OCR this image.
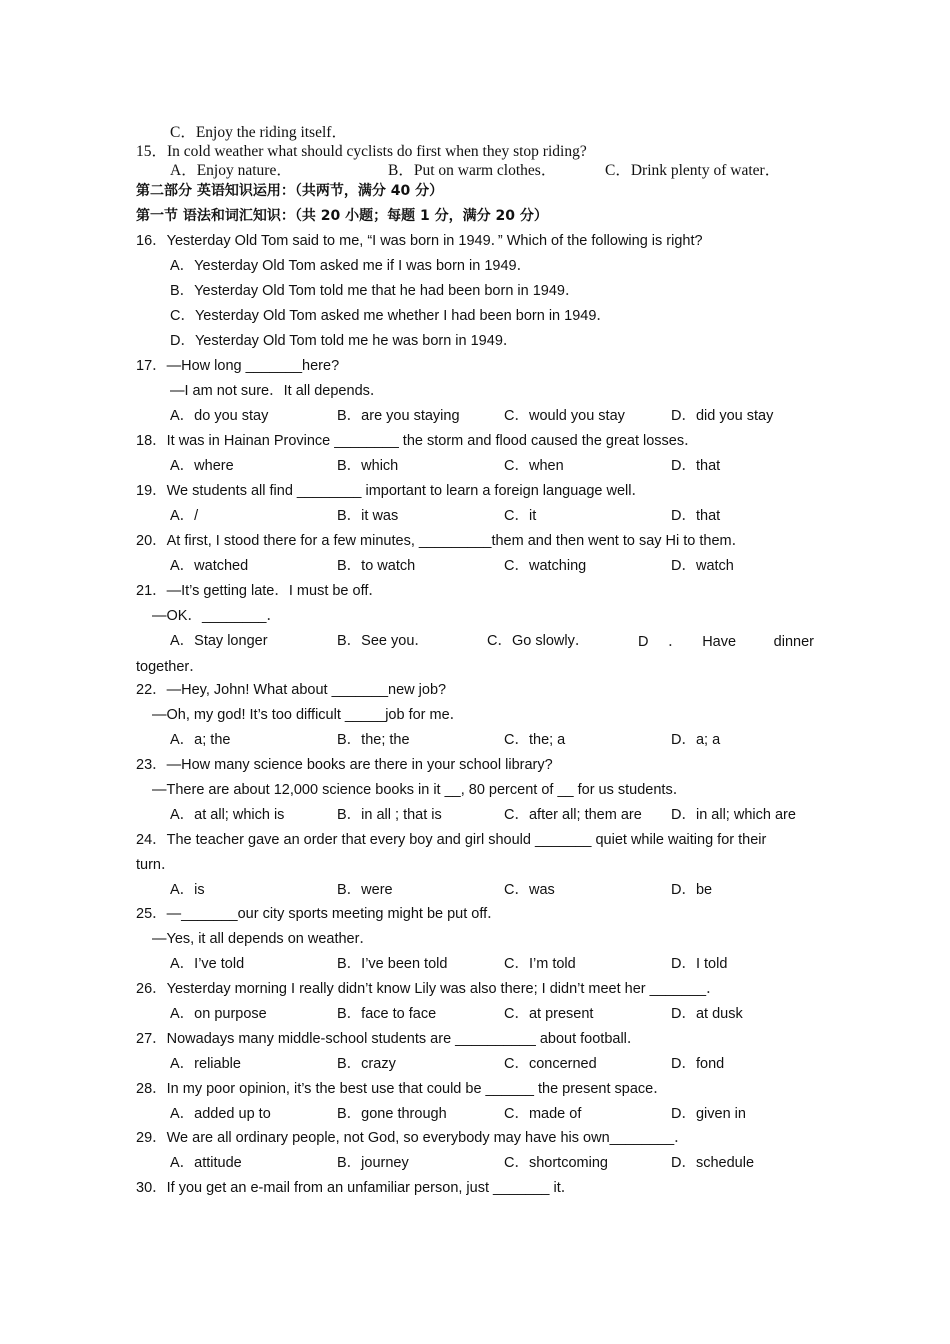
C．Enjoy the riding itself．
15．In cold weather what should cyclists do first when they stop riding?
A．Enjoy nature．	B．Put on warm clothes．	C．Drink plenty of water．
第二部分 英语知识运用：（共两节，满分 40 分）
第一节 语法和词汇知识：（共 20 小题；每题 1 分，满分 20 分）
16．Yesterday Old Tom said to me, “I was born in 1949．” Which of the following is right?
A．Yesterday Old Tom asked me if I was born in 1949．
B．Yesterday Old Tom told me that he had been born in 1949．
C．Yesterday Old Tom asked me whether I had been born in 1949．
D．Yesterday Old Tom told me he was born in 1949．
17．—How long _______here?
—I am not sure．It all depends．
A．do you stay	B．are you staying	C．would you stay	D．did you stay
18．It was in Hainan Province ________ the storm and flood caused the great losses．
A．where	B．which	C．when	D．that
19．We students all find ________ important to learn a foreign language well．
A．/	B．it was	C．it	D．that
20．At first, I stood there for a few minutes, _________them and then went to say Hi to them．
A．watched	B．to watch	C．watching	D．watch
21．—It’s getting late．I must be off．
—OK．________．
A．Stay longer	B．See you．	C．Go slowly．	D．Have dinner together．
22．—Hey, John! What about _______new job?
—Oh, my god! It’s too difficult _____job for me．
A．a; the	B．the; the	C．the; a	D．a; a
23．—How many science books are there in your school library?
—There are about 12,000 science books in it __, 80 percent of __ for us students．
A．at all; which is	B．in all ; that is	C．after all; them are D．in all; which are
24．The teacher gave an order that every boy and girl should _______ quiet while waiting for their
turn．
A．is	B．were	C．was	D．be
25．—_______our city sports meeting might be put off．
—Yes, it all depends on weather．
A．I’ve told	B．I’ve been told	C．I’m told	D．I told
26．Yesterday morning I really didn’t know Lily was also there; I didn’t meet her _______．
A．on purpose	B．face to face	C．at present	D．at dusk
27．Nowadays many middle-school students are __________ about football．
A．reliable	B．crazy	C．concerned	D．fond
28．In my poor opinion, it’s the best use that could be ______ the present space．
A．added up to	B．gone through	C．made of	D．given in
29．We are all ordinary people, not God, so everybody may have his own________．
A．attitude	B．journey	C．shortcoming	D．schedule
30．If you get an e-mail from an unfamiliar person, just _______ it．
